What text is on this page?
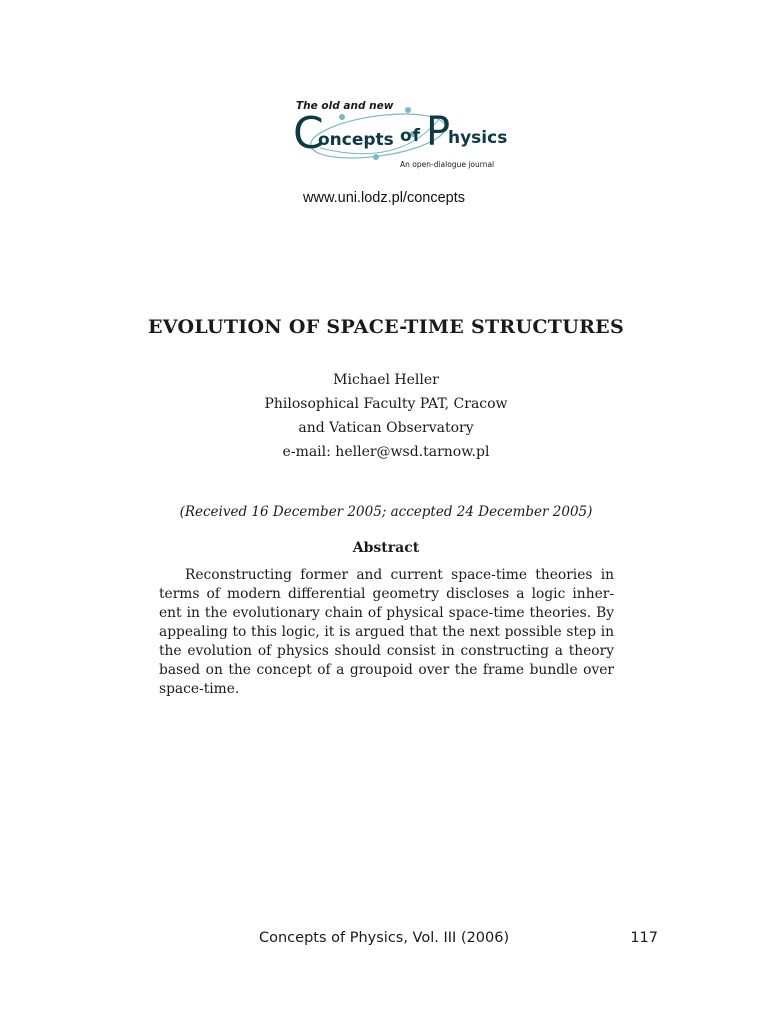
The old and new
C
oncepts of P
hysics
An open-dialogue journal
www.uni.lodz.pl/concepts
EVOLUTION OF SPACE-TIME STRUCTURES
Michael Heller
Philosophical Faculty PAT, Cracow
and Vatican Observatory
e-mail: heller@wsd.tarnow.pl
(Received 16 December 2005; accepted 24 December 2005)
Abstract

Reconstructing former and current space-time theories in terms of modern differential geometry discloses a logic inher-ent in the evolutionary chain of physical space-time theories. By appealing to this logic, it is argued that the next possible step in the evolution of physics should consist in constructing a theory based on the concept of a groupoid over the frame bundle over space-time.

Concepts of Physics, Vol. III (2006)	117
